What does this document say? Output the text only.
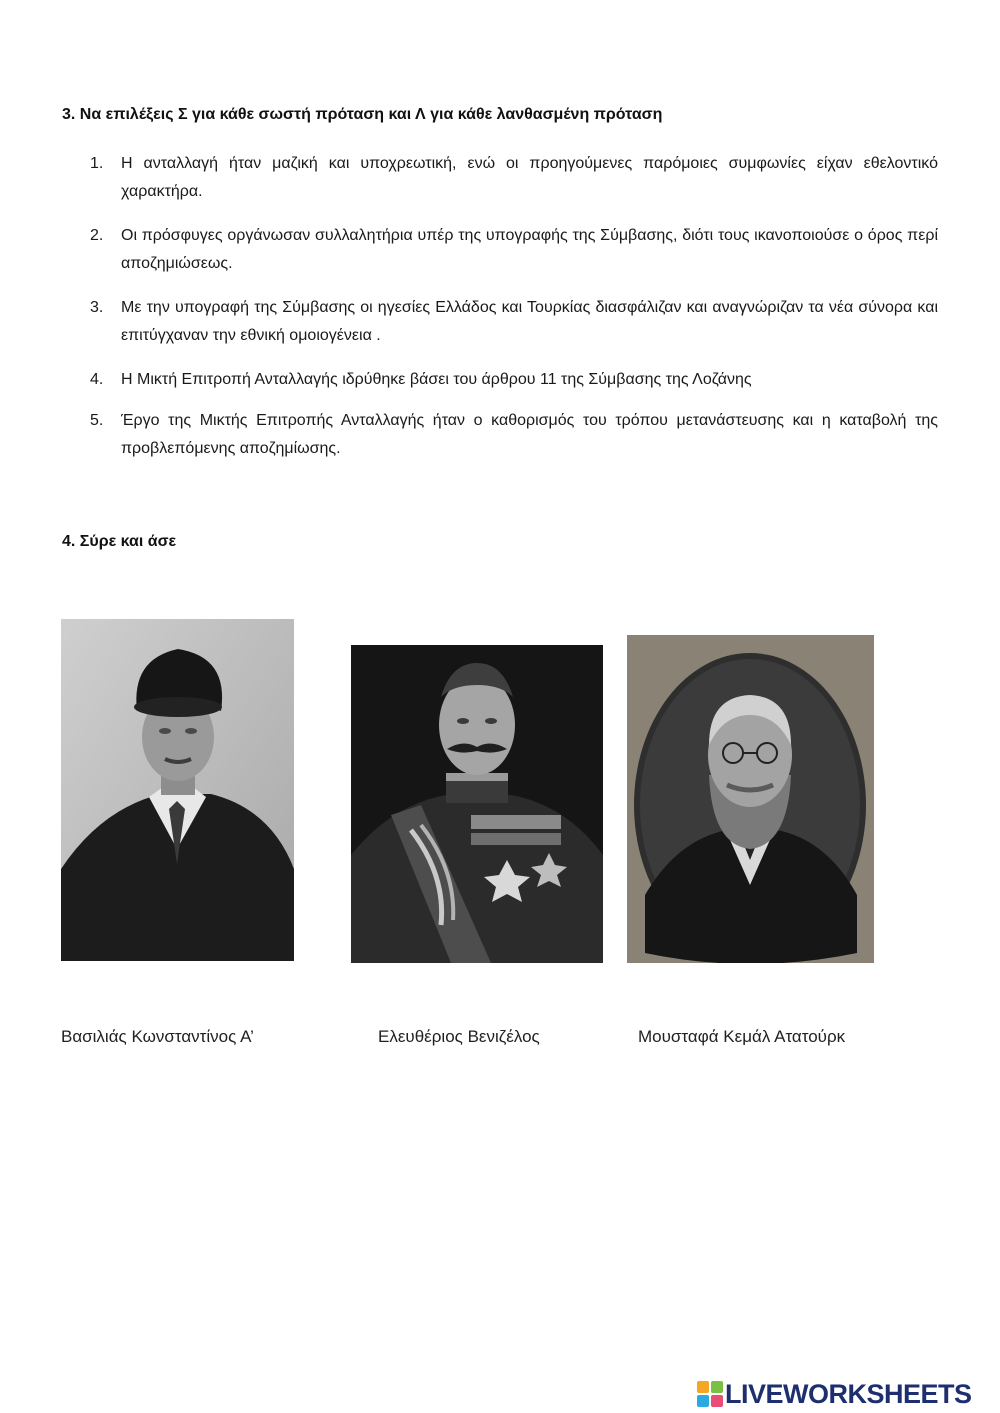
3. Να επιλέξεις Σ για κάθε σωστή πρόταση και Λ για κάθε λανθασμένη πρόταση
1. Η ανταλλαγή ήταν μαζική και υποχρεωτική, ενώ οι προηγούμενες παρόμοιες συμφωνίες είχαν εθελοντικό χαρακτήρα.
2. Οι πρόσφυγες οργάνωσαν συλλαλητήρια υπέρ της υπογραφής της Σύμβασης, διότι τους ικανοποιούσε ο όρος περί αποζημιώσεως.
3. Με την υπογραφή της Σύμβασης οι ηγεσίες Ελλάδος και Τουρκίας διασφάλιζαν και αναγνώριζαν τα νέα σύνορα και επιτύγχαναν την εθνική ομοιογένεια .
4. Η Μικτή Επιτροπή Ανταλλαγής ιδρύθηκε βάσει του άρθρου 11 της Σύμβασης της Λοζάνης
5. Έργο της Μικτής Επιτροπής Ανταλλαγής ήταν ο καθορισμός του τρόπου μετανάστευσης και η καταβολή της προβλεπόμενης αποζημίωσης.
4. Σύρε και άσε
Βασιλιάς Κωνσταντίνος Α’	Ελευθέριος Βενιζέλος	Μουσταφά Κεμάλ Ατατούρκ
LIVEWORKSHEETS
